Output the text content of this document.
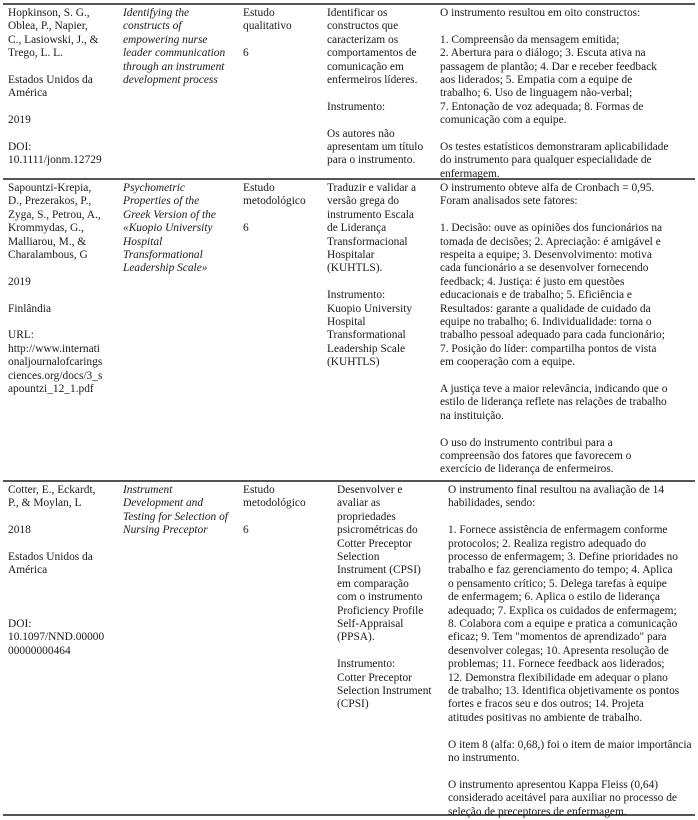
Hopkinson, S. G.,
Oblea, P., Napier,
C., Lasiowski, J., &
Trego, L. L.

Estados Unidos da
América

2019

DOI:
10.1111/jonm.12729

Identifying the
constructs of
empowering nurse
leader communication
through an instrument
development process

Estudo
qualitativo

6

Identificar os
constructos que
caracterizam os
comportamentos de
comunicação em
enfermeiros líderes.

Instrumento:

Os autores não
apresentam um título
para o instrumento.

O instrumento resultou em oito constructos:

1. Compreensão da mensagem emitida;
2. Abertura para o diálogo; 3. Escuta ativa na
passagem de plantão; 4. Dar e receber feedback
aos liderados; 5. Empatia com a equipe de
trabalho; 6. Uso de linguagem não-verbal;
7. Entonação de voz adequada; 8. Formas de
comunicação com a equipe.

Os testes estatísticos demonstraram aplicabilidade
do instrumento para qualquer especialidade de
enfermagem.

Sapountzi-Krepia,
D., Prezerakos, P.,
Zyga, S., Petrou, A.,
Krommydas, G.,
Malliarou, M., &
Charalambous, G

2019

Finlândia

URL:
http://www.internati
onaljournalofcarings
ciences.org/docs/3_s
apountzi_12_1.pdf

Psychometric
Properties of the
Greek Version of the
«Kuopio University
Hospital
Transformational
Leadership Scale»

Estudo
metodológico

6

Traduzir e validar a
versão grega do
instrumento Escala
de Liderança
Transformacional
Hospitalar
(KUHTLS).

Instrumento:
Kuopio University
Hospital
Transformational
Leadership Scale
(KUHTLS)

O instrumento obteve alfa de Cronbach = 0,95.
Foram analisados sete fatores:

1. Decisão: ouve as opiniões dos funcionários na
tomada de decisões; 2. Apreciação: é amigável e
respeita a equipe; 3. Desenvolvimento: motiva
cada funcionário a se desenvolver fornecendo
feedback; 4. Justiça: é justo em questões
educacionais e de trabalho; 5. Eficiência e
Resultados: garante a qualidade de cuidado da
equipe no trabalho; 6. Individualidade: torna o
trabalho pessoal adequado para cada funcionário;
7. Posição do líder: compartilha pontos de vista
em cooperação com a equipe.

A justiça teve a maior relevância, indicando que o
estilo de liderança reflete nas relações de trabalho
na instituição.

O uso do instrumento contribui para a
compreensão dos fatores que favorecem o
exercício de liderança de enfermeiros.

Cotter, E., Eckardt,
P., & Moylan, L

2018

Estados Unidos da
América

DOI:
10.1097/NND.00000
00000000464

Instrument
Development and
Testing for Selection of
Nursing Preceptor

Estudo
metodológico

6

Desenvolver e
avaliar as
propriedades
psicrométricas do
Cotter Preceptor
Selection
Instrument (CPSI)
em comparação
com o instrumento
Proficiency Profile
Self-Appraisal
(PPSA).

Instrumento:
Cotter Preceptor
Selection Instrument
(CPSI)

O instrumento final resultou na avaliação de 14
habilidades, sendo:

1. Fornece assistência de enfermagem conforme
protocolos; 2. Realiza registro adequado do
processo de enfermagem; 3. Define prioridades no
trabalho e faz gerenciamento do tempo; 4. Aplica
o pensamento crítico; 5. Delega tarefas à equipe
de enfermagem; 6. Aplica o estilo de liderança
adequado; 7. Explica os cuidados de enfermagem;
8. Colabora com a equipe e pratica a comunicação
eficaz; 9. Tem "momentos de aprendizado" para
desenvolver colegas; 10. Apresenta resolução de
problemas; 11. Fornece feedback aos liderados;
12. Demonstra flexibilidade em adequar o plano
de trabalho; 13. Identifica objetivamente os pontos
fortes e fracos seu e dos outros; 14. Projeta
atitudes positivas no ambiente de trabalho.

O item 8 (alfa: 0,68,) foi o item de maior importância
no instrumento.

O instrumento apresentou Kappa Fleiss (0,64)
considerado aceitável para auxiliar no processo de
seleção de preceptores de enfermagem.
